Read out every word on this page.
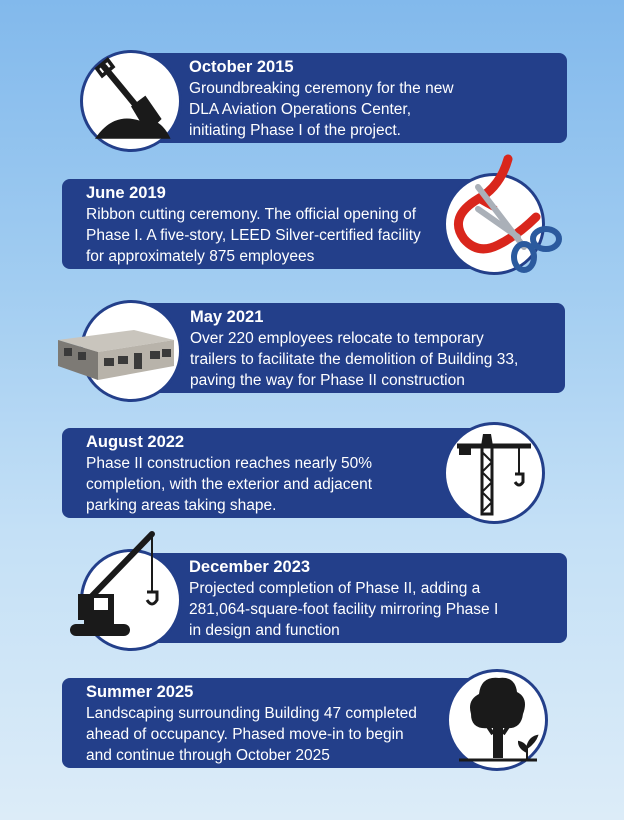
October 2015
Groundbreaking ceremony for the new
DLA Aviation Operations Center,
initiating Phase I of the project.
June 2019
Ribbon cutting ceremony. The official opening of
Phase I. A five-story, LEED Silver-certified facility
for approximately 875 employees
May 2021
Over 220 employees relocate to temporary
trailers to facilitate the demolition of Building 33,
paving the way for Phase II construction
August 2022
Phase II construction reaches nearly 50%
completion, with the exterior and adjacent
parking areas taking shape.
December 2023
Projected completion of Phase II, adding a
281,064-square-foot facility mirroring Phase I
in design and function
Summer 2025
Landscaping surrounding Building 47 completed
ahead of occupancy. Phased move-in to begin
and continue through October 2025
